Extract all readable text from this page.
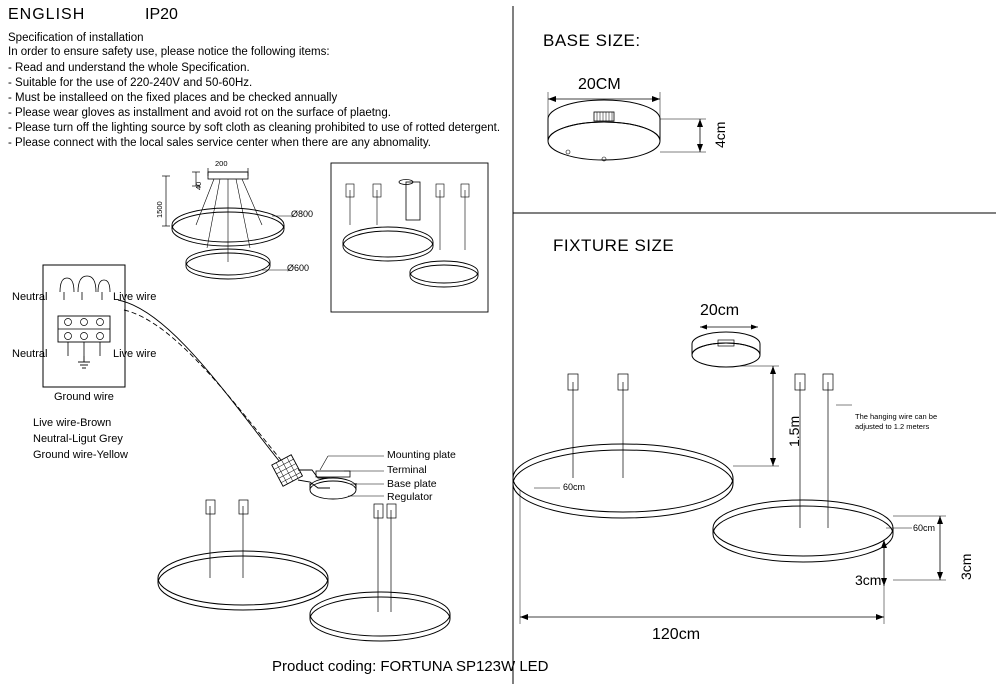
ENGLISH	IP20
Specification of installation
In order to ensure safety use, please notice the following items:
- Read and understand the whole Specification.
- Suitable for the use of 220-240V and 50-60Hz.
- Must be installeed on the fixed places and be checked annually
- Please wear gloves as installment and avoid rot on the surface of plaetng.
- Please turn off the lighting source by soft cloth as cleaning prohibited to use of rotted detergent.
- Please connect with the local sales service center when there are any abnomality.
200
40
1500	Ø800
Ø600
Neutral	Live wire
Neutral	Live wire
Ground wire
Live wire-Brown
Neutral-Ligut Grey
Ground wire-Yellow	Mounting plate
Terminal
Base plate
Regulator
BASE SIZE:
20CM
4cm
FIXTURE SIZE
20cm
1.5m
60cm
60cm
3cm	3cm
120cm
The hanging wire can be adjusted to 1.2 meters
Product coding: FORTUNA SP123W LED
